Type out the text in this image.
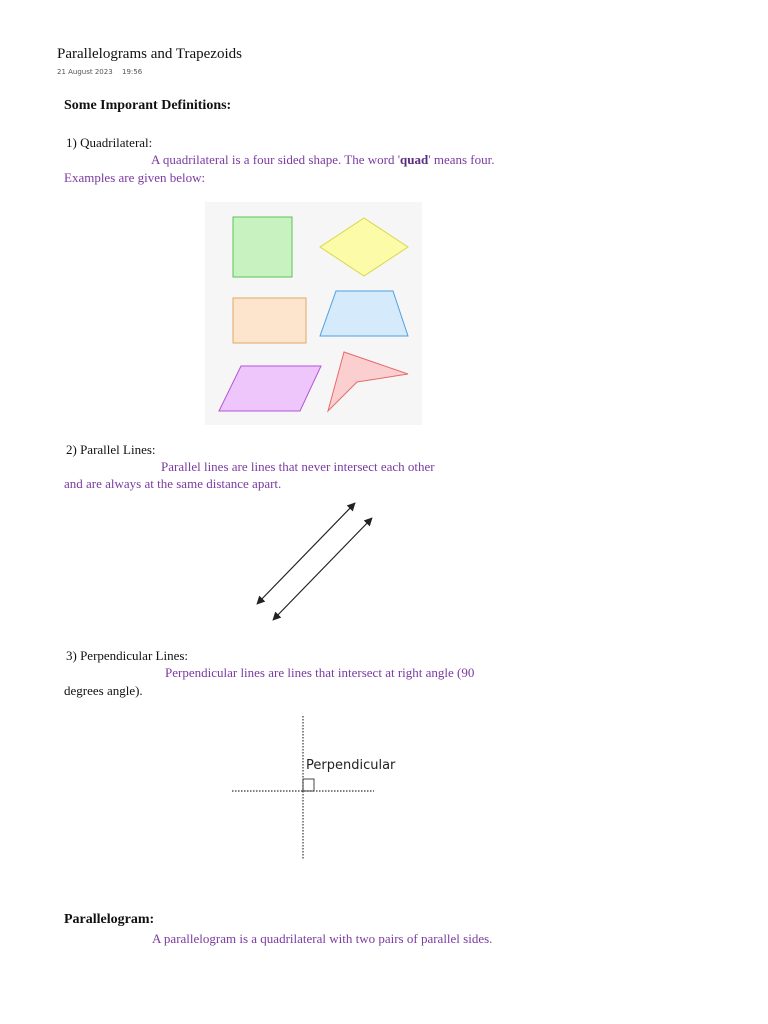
Parallelograms and Trapezoids
21 August 2023 19:56
Some Imporant Definitions:
1) Quadrilateral:
A quadrilateral is a four sided shape. The word 'quad' means four.
Examples are given below:
2) Parallel Lines:
Parallel lines are lines that never intersect each other
and are always at the same distance apart.
3) Perpendicular Lines:
Perpendicular lines are lines that intersect at right angle (90
degrees angle).
Perpendicular
Parallelogram:
A parallelogram is a quadrilateral with two pairs of parallel sides.
